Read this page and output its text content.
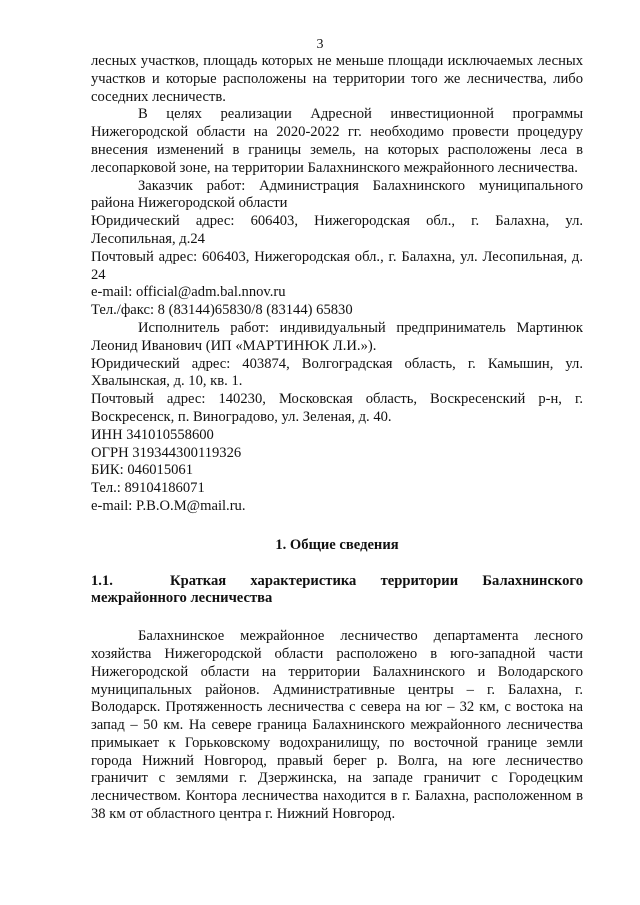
3

лесных участков, площадь которых не меньше площади исключаемых лесных участков и которые расположены на территории того же лесничества, либо соседних лесничеств.

В целях реализации Адресной инвестиционной программы Нижегородской области на 2020-2022 гг. необходимо провести процедуру внесения изменений в границы земель, на которых расположены леса в лесопарковой зоне, на территории Балахнинского межрайонного лесничества.

Заказчик работ: Администрация Балахнинского муниципального района Нижегородской области

Юридический адрес: 606403, Нижегородская обл., г. Балахна, ул. Лесопильная, д.24

Почтовый адрес: 606403, Нижегородская обл., г. Балахна, ул. Лесопильная, д. 24

e-mail: official@adm.bal.nnov.ru

Тел./факс: 8 (83144)65830/8 (83144) 65830

Исполнитель работ: индивидуальный предприниматель Мартинюк Леонид Иванович (ИП «МАРТИНЮК Л.И.»).

Юридический адрес: 403874, Волгоградская область, г. Камышин, ул. Хвалынская, д. 10, кв. 1.

Почтовый адрес: 140230, Московская область, Воскресенский р-н, г. Воскресенск, п. Виноградово, ул. Зеленая, д. 40.

ИНН 341010558600

ОГРН 319344300119326

БИК: 046015061

Тел.: 89104186071

e-mail: P.B.O.M@mail.ru.

1. Общие сведения

1.1.	Краткая характеристика территории Балахнинского межрайонного лесничества

Балахнинское межрайонное лесничество департамента лесного хозяйства Нижегородской области расположено в юго-западной части Нижегородской области на территории Балахнинского и Володарского муниципальных районов. Административные центры – г. Балахна, г. Володарск. Протяженность лесничества с севера на юг – 32 км, с востока на запад – 50 км. На севере граница Балахнинского межрайонного лесничества примыкает к Горьковскому водохранилищу, по восточной границе земли города Нижний Новгород, правый берег р. Волга, на юге лесничество граничит с землями г. Дзержинска, на западе граничит с Городецким лесничеством. Контора лесничества находится в г. Балахна, расположенном в 38 км от областного центра г. Нижний Новгород.
